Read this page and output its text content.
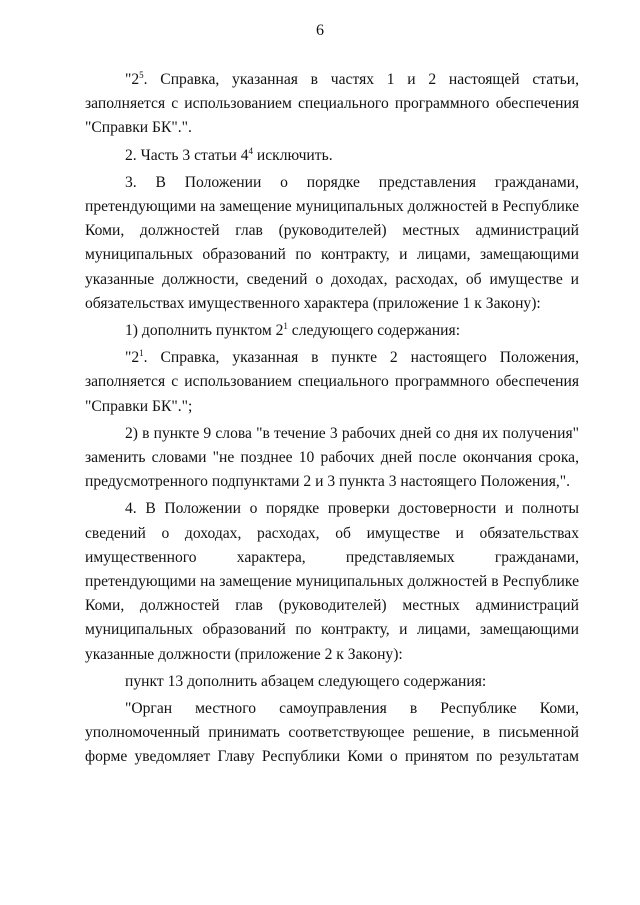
6

"$2^5$. Справка, указанная в частях 1 и 2 настоящей статьи, заполняется с использованием специального программного обеспечения "Справки БК".".

2. Часть 3 статьи $4^4$ исключить.

3. В Положении о порядке представления гражданами, претендующими на замещение муниципальных должностей в Республике Коми, должностей глав (руководителей) местных администраций муниципальных образований по контракту, и лицами, замещающими указанные должности, сведений о доходах, расходах, об имуществе и обязательствах имущественного характера (приложение 1 к Закону):

1) дополнить пунктом $2^1$ следующего содержания:

"$2^1$. Справка, указанная в пункте 2 настоящего Положения, заполняется с использованием специального программного обеспечения "Справки БК".";

2) в пункте 9 слова "в течение 3 рабочих дней со дня их получения" заменить словами "не позднее 10 рабочих дней после окончания срока, предусмотренного подпунктами 2 и 3 пункта 3 настоящего Положения,".

4. В Положении о порядке проверки достоверности и полноты сведений о доходах, расходах, об имуществе и обязательствах имущественного характера, представляемых гражданами, претендующими на замещение муниципальных должностей в Республике Коми, должностей глав (руководителей) местных администраций муниципальных образований по контракту, и лицами, замещающими указанные должности (приложение 2 к Закону):

пункт 13 дополнить абзацем следующего содержания:

"Орган местного самоуправления в Республике Коми, уполномоченный принимать соответствующее решение, в письменной форме уведомляет Главу Республики Коми о принятом по результатам
